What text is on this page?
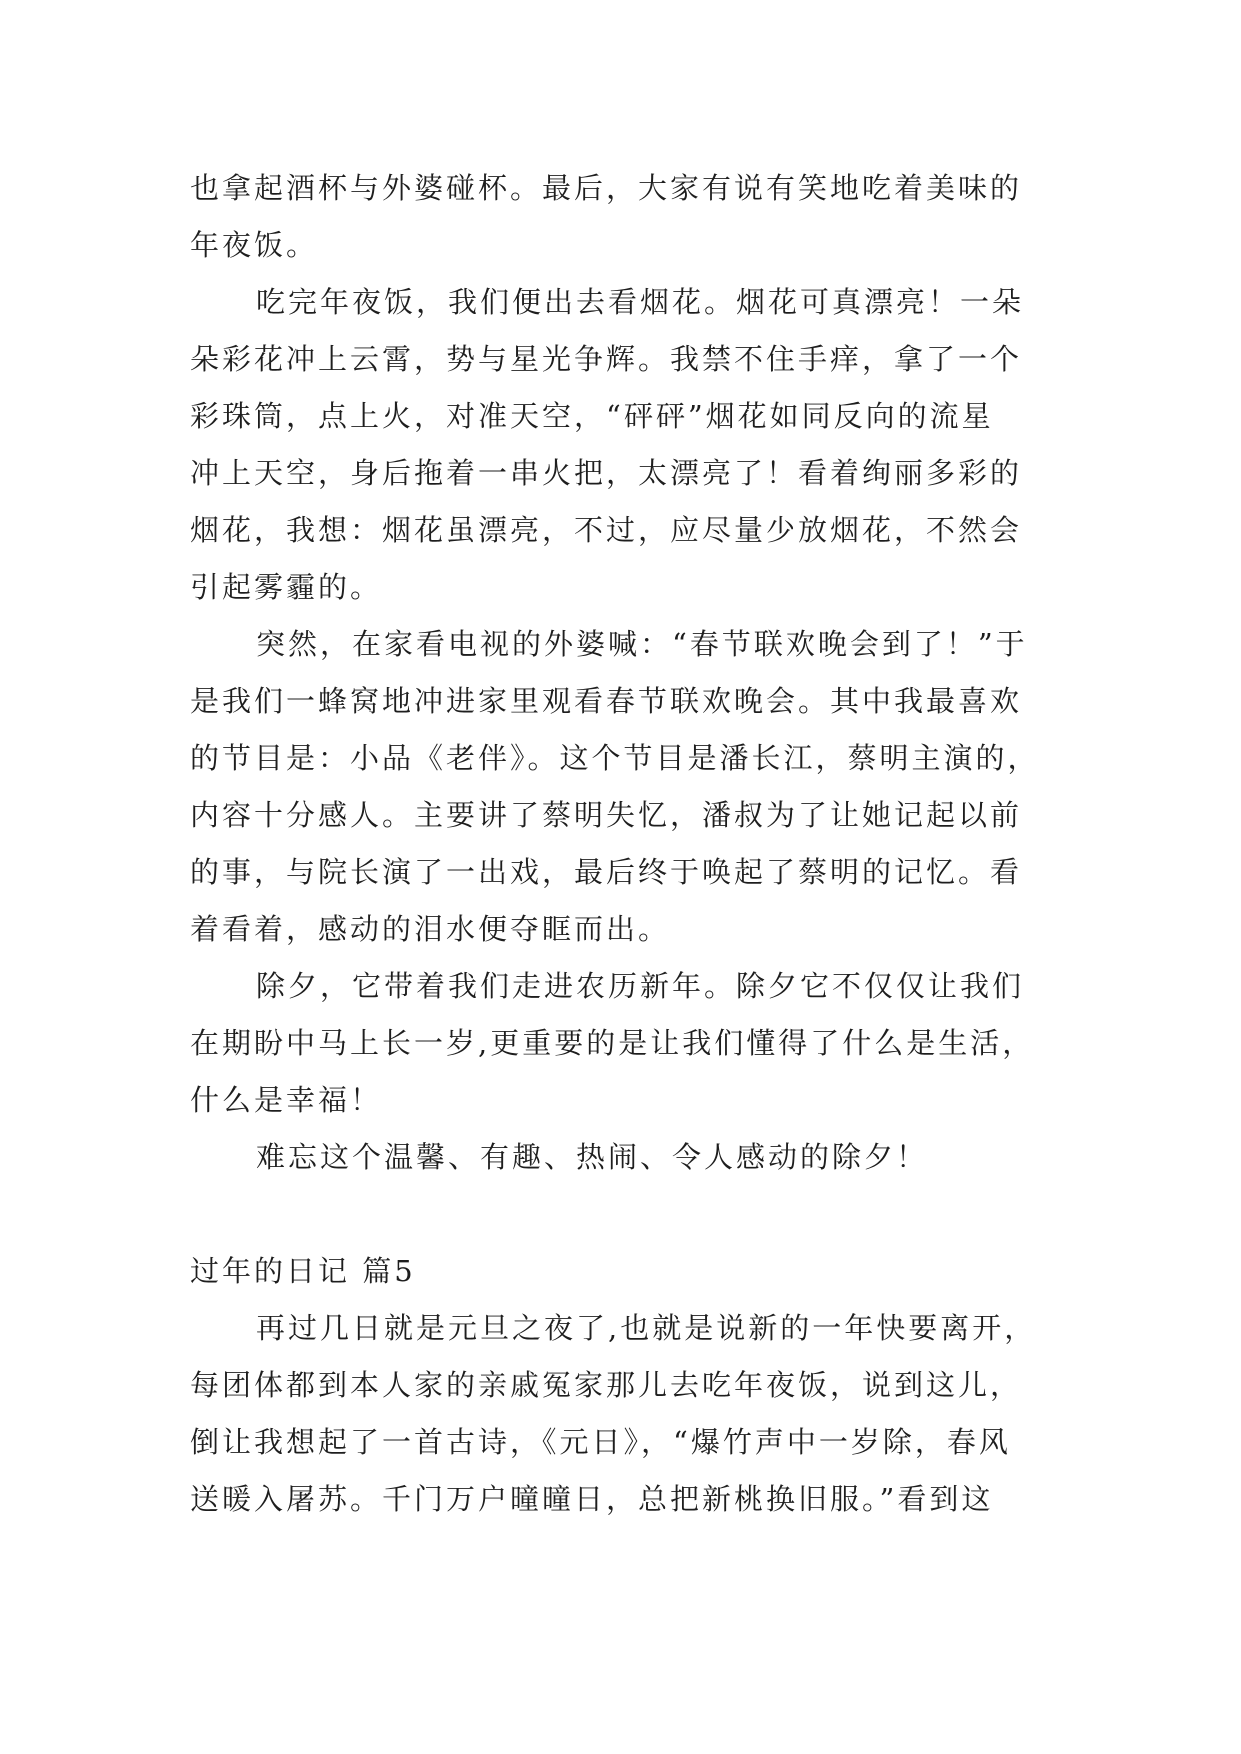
也拿起酒杯与外婆碰杯。最后，大家有说有笑地吃着美味的
年夜饭。
吃完年夜饭，我们便出去看烟花。烟花可真漂亮！一朵
朵彩花冲上云霄，势与星光争辉。我禁不住手痒，拿了一个
彩珠筒，点上火，对准天空，“砰砰”烟花如同反向的流星
冲上天空，身后拖着一串火把，太漂亮了！看着绚丽多彩的
烟花，我想：烟花虽漂亮，不过，应尽量少放烟花，不然会
引起雾霾的。
突然，在家看电视的外婆喊：“春节联欢晚会到了！”于
是我们一蜂窝地冲进家里观看春节联欢晚会。其中我最喜欢
的节目是：小品《老伴》。这个节目是潘长江，蔡明主演的，
内容十分感人。主要讲了蔡明失忆，潘叔为了让她记起以前
的事，与院长演了一出戏，最后终于唤起了蔡明的记忆。看
着看着，感动的泪水便夺眶而出。
除夕，它带着我们走进农历新年。除夕它不仅仅让我们
在期盼中马上长一岁,更重要的是让我们懂得了什么是生活，
什么是幸福！
难忘这个温馨、有趣、热闹、令人感动的除夕！
过年的日记 篇5
再过几日就是元旦之夜了,也就是说新的一年快要离开，
每团体都到本人家的亲戚冤家那儿去吃年夜饭，说到这儿，
倒让我想起了一首古诗，《元日》，“爆竹声中一岁除，春风
送暖入屠苏。千门万户曈曈日，总把新桃换旧服。”看到这
